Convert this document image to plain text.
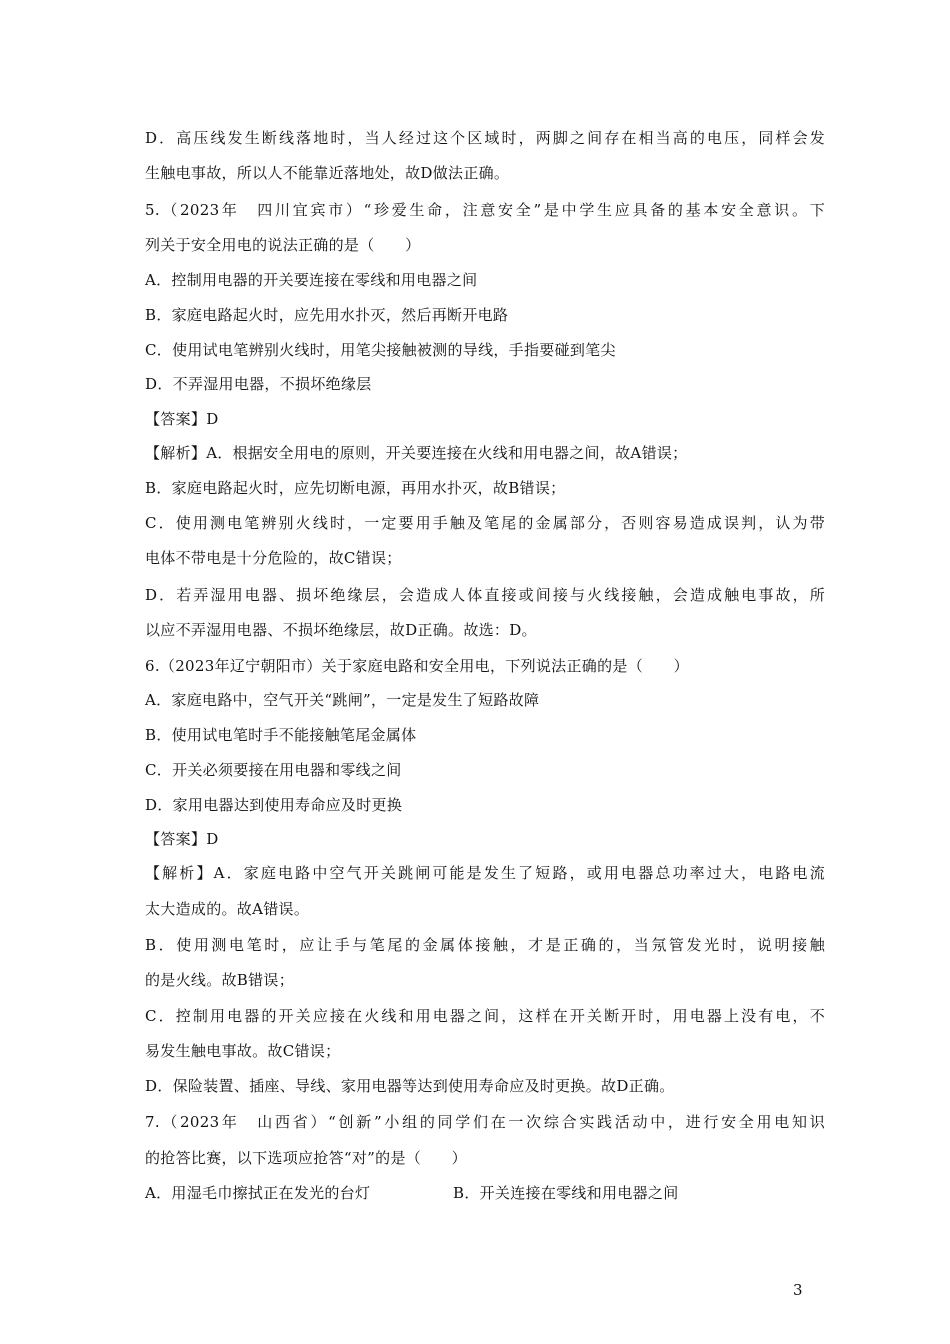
D．高压线发生断线落地时，当人经过这个区域时，两脚之间存在相当高的电压，同样会发
生触电事故，所以人不能靠近落地处，故D做法正确。
5.（2023年　四川宜宾市）“珍爱生命，注意安全”是中学生应具备的基本安全意识。下
列关于安全用电的说法正确的是（　　）
A．控制用电器的开关要连接在零线和用电器之间
B．家庭电路起火时，应先用水扑灭，然后再断开电路
C．使用试电笔辨别火线时，用笔尖接触被测的导线，手指要碰到笔尖
D．不弄湿用电器，不损坏绝缘层
【答案】D
【解析】A．根据安全用电的原则，开关要连接在火线和用电器之间，故A错误；
B．家庭电路起火时，应先切断电源，再用水扑灭，故B错误；
C．使用测电笔辨别火线时，一定要用手触及笔尾的金属部分，否则容易造成误判，认为带
电体不带电是十分危险的，故C错误；
D．若弄湿用电器、损坏绝缘层，会造成人体直接或间接与火线接触，会造成触电事故，所
以应不弄湿用电器、不损坏绝缘层，故D正确。故选：D。
6.（2023年辽宁朝阳市）关于家庭电路和安全用电，下列说法正确的是（　　）
A．家庭电路中，空气开关“跳闸”，一定是发生了短路故障
B．使用试电笔时手不能接触笔尾金属体
C．开关必须要接在用电器和零线之间
D．家用电器达到使用寿命应及时更换
【答案】D
【解析】A．家庭电路中空气开关跳闸可能是发生了短路，或用电器总功率过大，电路电流
太大造成的。故A错误。
B．使用测电笔时，应让手与笔尾的金属体接触，才是正确的，当氖管发光时，说明接触
的是火线。故B错误；
C．控制用电器的开关应接在火线和用电器之间，这样在开关断开时，用电器上没有电，不
易发生触电事故。故C错误；
D．保险装置、插座、导线、家用电器等达到使用寿命应及时更换。故D正确。
7.（2023年　山西省）“创新”小组的同学们在一次综合实践活动中，进行安全用电知识
的抢答比赛，以下选项应抢答“对”的是（　　）
A．用湿毛巾擦拭正在发光的台灯	B．开关连接在零线和用电器之间
3
